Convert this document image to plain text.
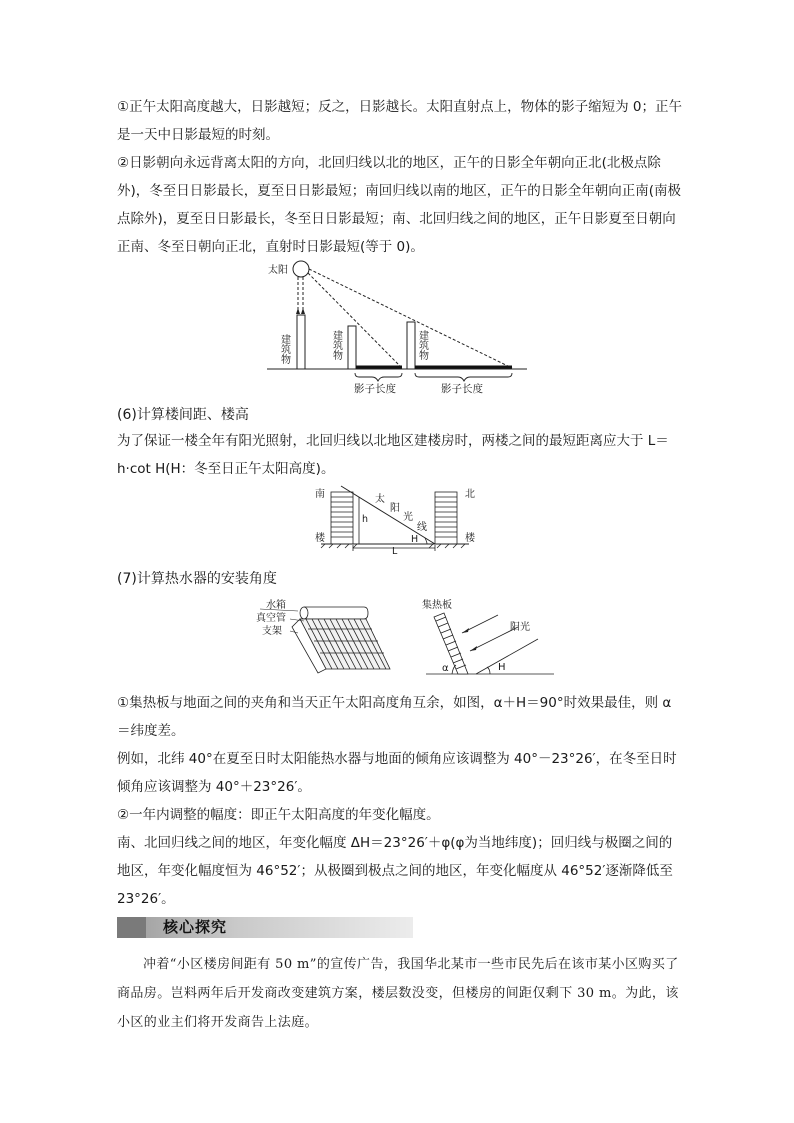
①正午太阳高度越大，日影越短；反之，日影越长。太阳直射点上，物体的影子缩短为 0；正午是一天中日影最短的时刻。

②日影朝向永远背离太阳的方向，北回归线以北的地区，正午的日影全年朝向正北(北极点除外)，冬至日日影最长，夏至日日影最短；南回归线以南的地区，正午的日影全年朝向正南(南极点除外)，夏至日日影最长，冬至日日影最短；南、北回归线之间的地区，正午日影夏至日朝向正南、冬至日朝向正北，直射时日影最短(等于 0)。

太阳
建筑物	建筑物	建筑物
影子长度	影子长度

(6)计算楼间距、楼高

为了保证一楼全年有阳光照射，北回归线以北地区建楼房时，两楼之间的最短距离应大于 L＝h·cot H(H：冬至日正午太阳高度)。

南	北
楼	楼
太
阳
光
线
h
H
L

(7)计算热水器的安装角度

水箱
真空管
支架
集热板
阳光
α	H

①集热板与地面之间的夹角和当天正午太阳高度角互余，如图，α＋H＝90°时效果最佳，则 α＝纬度差。

例如，北纬 40°在夏至日时太阳能热水器与地面的倾角应该调整为 40°－23°26′，在冬至日时倾角应该调整为 40°＋23°26′。

②一年内调整的幅度：即正午太阳高度的年变化幅度。

南、北回归线之间的地区，年变化幅度 ΔH＝23°26′＋φ(φ为当地纬度)；回归线与极圈之间的地区，年变化幅度恒为 46°52′；从极圈到极点之间的地区，年变化幅度从 46°52′逐渐降低至 23°26′。

核心探究

冲着“小区楼房间距有 50 m”的宣传广告，我国华北某市一些市民先后在该市某小区购买了商品房。岂料两年后开发商改变建筑方案，楼层数没变，但楼房的间距仅剩下 30 m。为此，该小区的业主们将开发商告上法庭。
